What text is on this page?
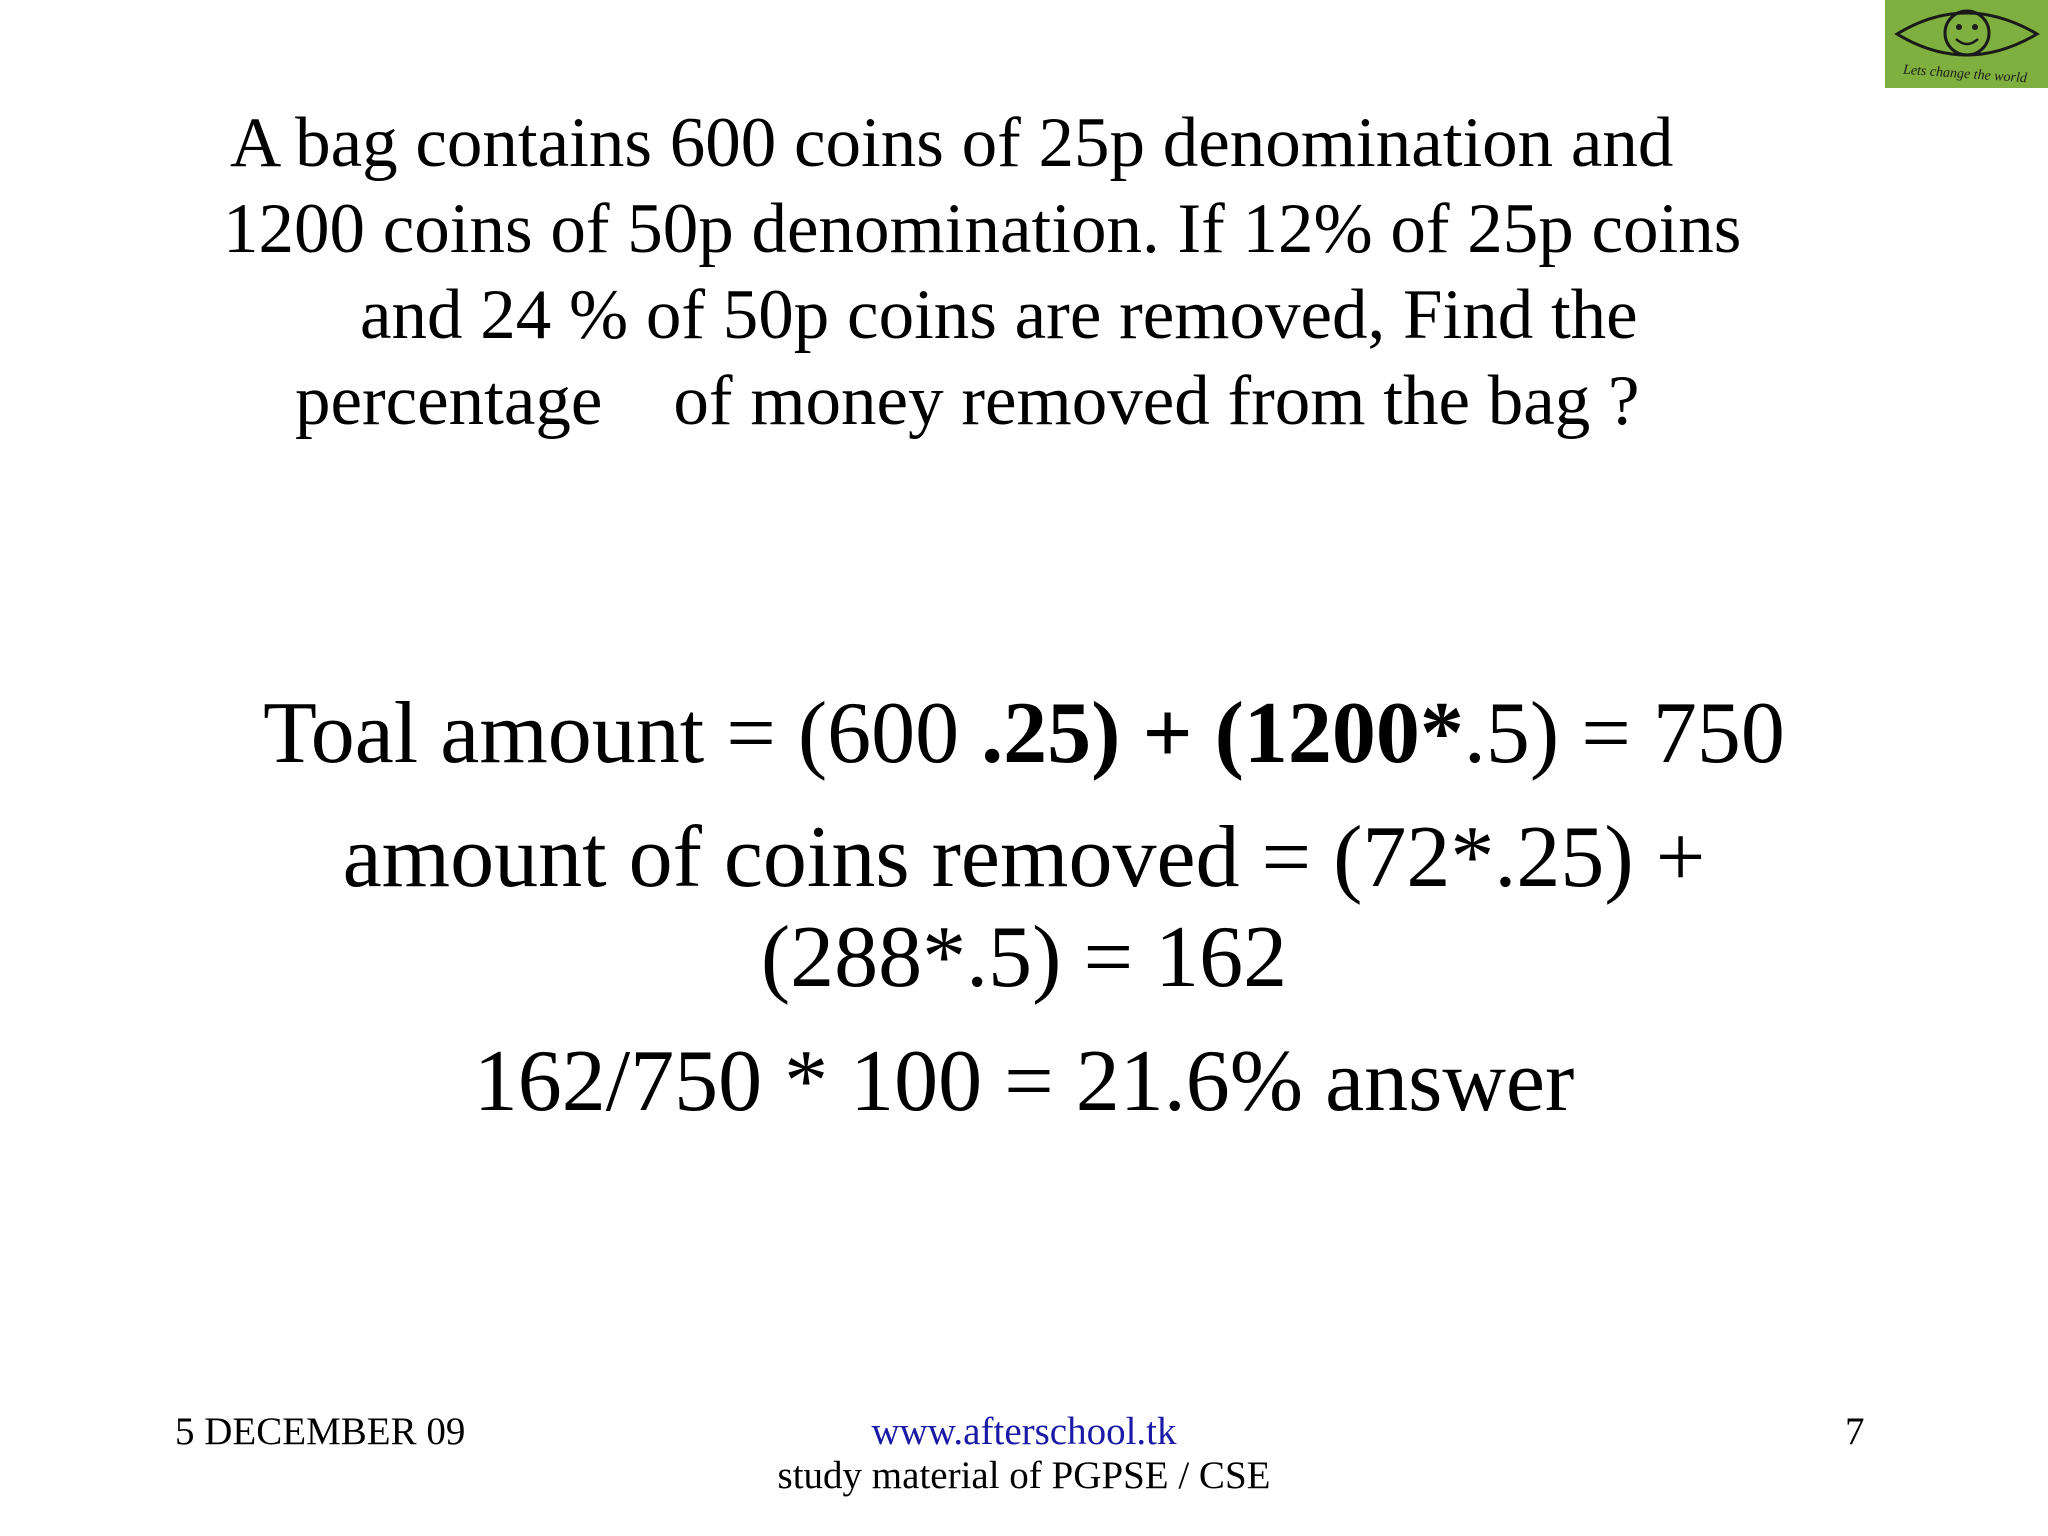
Lets change the world
A bag contains 600 coins of 25p denomination and
1200 coins of 50p denomination. If 12% of 25p coins
and 24 % of 50p coins are removed, Find the
percentage    of money removed from the bag ?
Toal amount = (600 .25) + (1200*.5) = 750
amount of coins removed = (72*.25) +
(288*.5) = 162
162/750 * 100 = 21.6% answer
5 DECEMBER 09	www.afterschool.tk
study material of PGPSE / CSE
7
